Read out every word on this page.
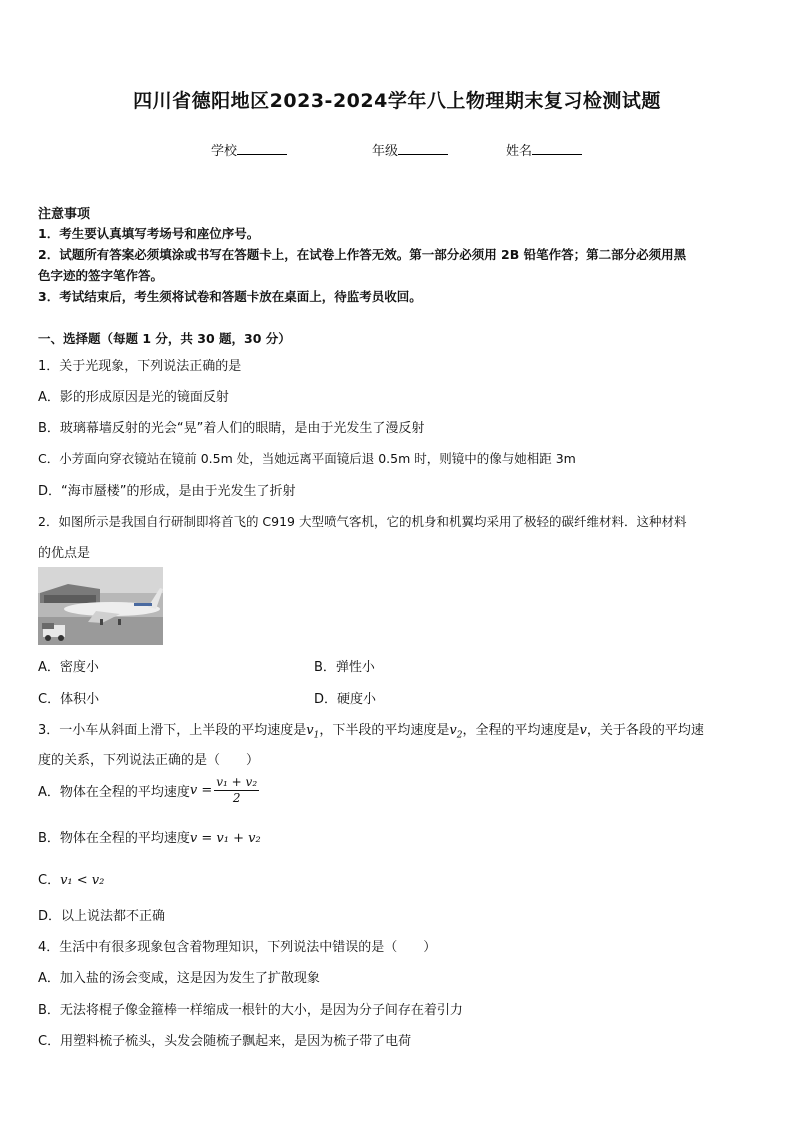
四川省德阳地区2023-2024学年八上物理期末复习检测试题
学校	年级	姓名
注意事项
1．考生要认真填写考场号和座位序号。
2．试题所有答案必须填涂或书写在答题卡上，在试卷上作答无效。第一部分必须用 2B 铅笔作答；第二部分必须用黑
色字迹的签字笔作答。
3．考试结束后，考生须将试卷和答题卡放在桌面上，待监考员收回。
一、选择题（每题 1 分，共 30 题，30 分）
1．关于光现象，下列说法正确的是
A．影的形成原因是光的镜面反射
B．玻璃幕墙反射的光会“晃”着人们的眼睛，是由于光发生了漫反射
C．小芳面向穿衣镜站在镜前 0.5m 处，当她远离平面镜后退 0.5m 时，则镜中的像与她相距 3m
D．“海市蜃楼”的形成，是由于光发生了折射
2．如图所示是我国自行研制即将首飞的 C919 大型喷气客机，它的机身和机翼均采用了极轻的碳纤维材料．这种材料
的优点是
A．密度小	B．弹性小
C．体积小	D．硬度小
3．一小车从斜面上滑下，上半段的平均速度是$v_1$，下半段的平均速度是$v_2$，全程的平均速度是v，关于各段的平均速
度的关系，下列说法正确的是（　　）
A．物体在全程的平均速度$v = \frac{\text{v₁ + v₂}}{2}$
B．物体在全程的平均速度v = v₁ + v₂
C．v₁ < v₂
D．以上说法都不正确
4．生活中有很多现象包含着物理知识，下列说法中错误的是（　　）
A．加入盐的汤会变咸，这是因为发生了扩散现象
B．无法将棍子像金箍棒一样缩成一根针的大小，是因为分子间存在着引力
C．用塑料梳子梳头，头发会随梳子飘起来，是因为梳子带了电荷
